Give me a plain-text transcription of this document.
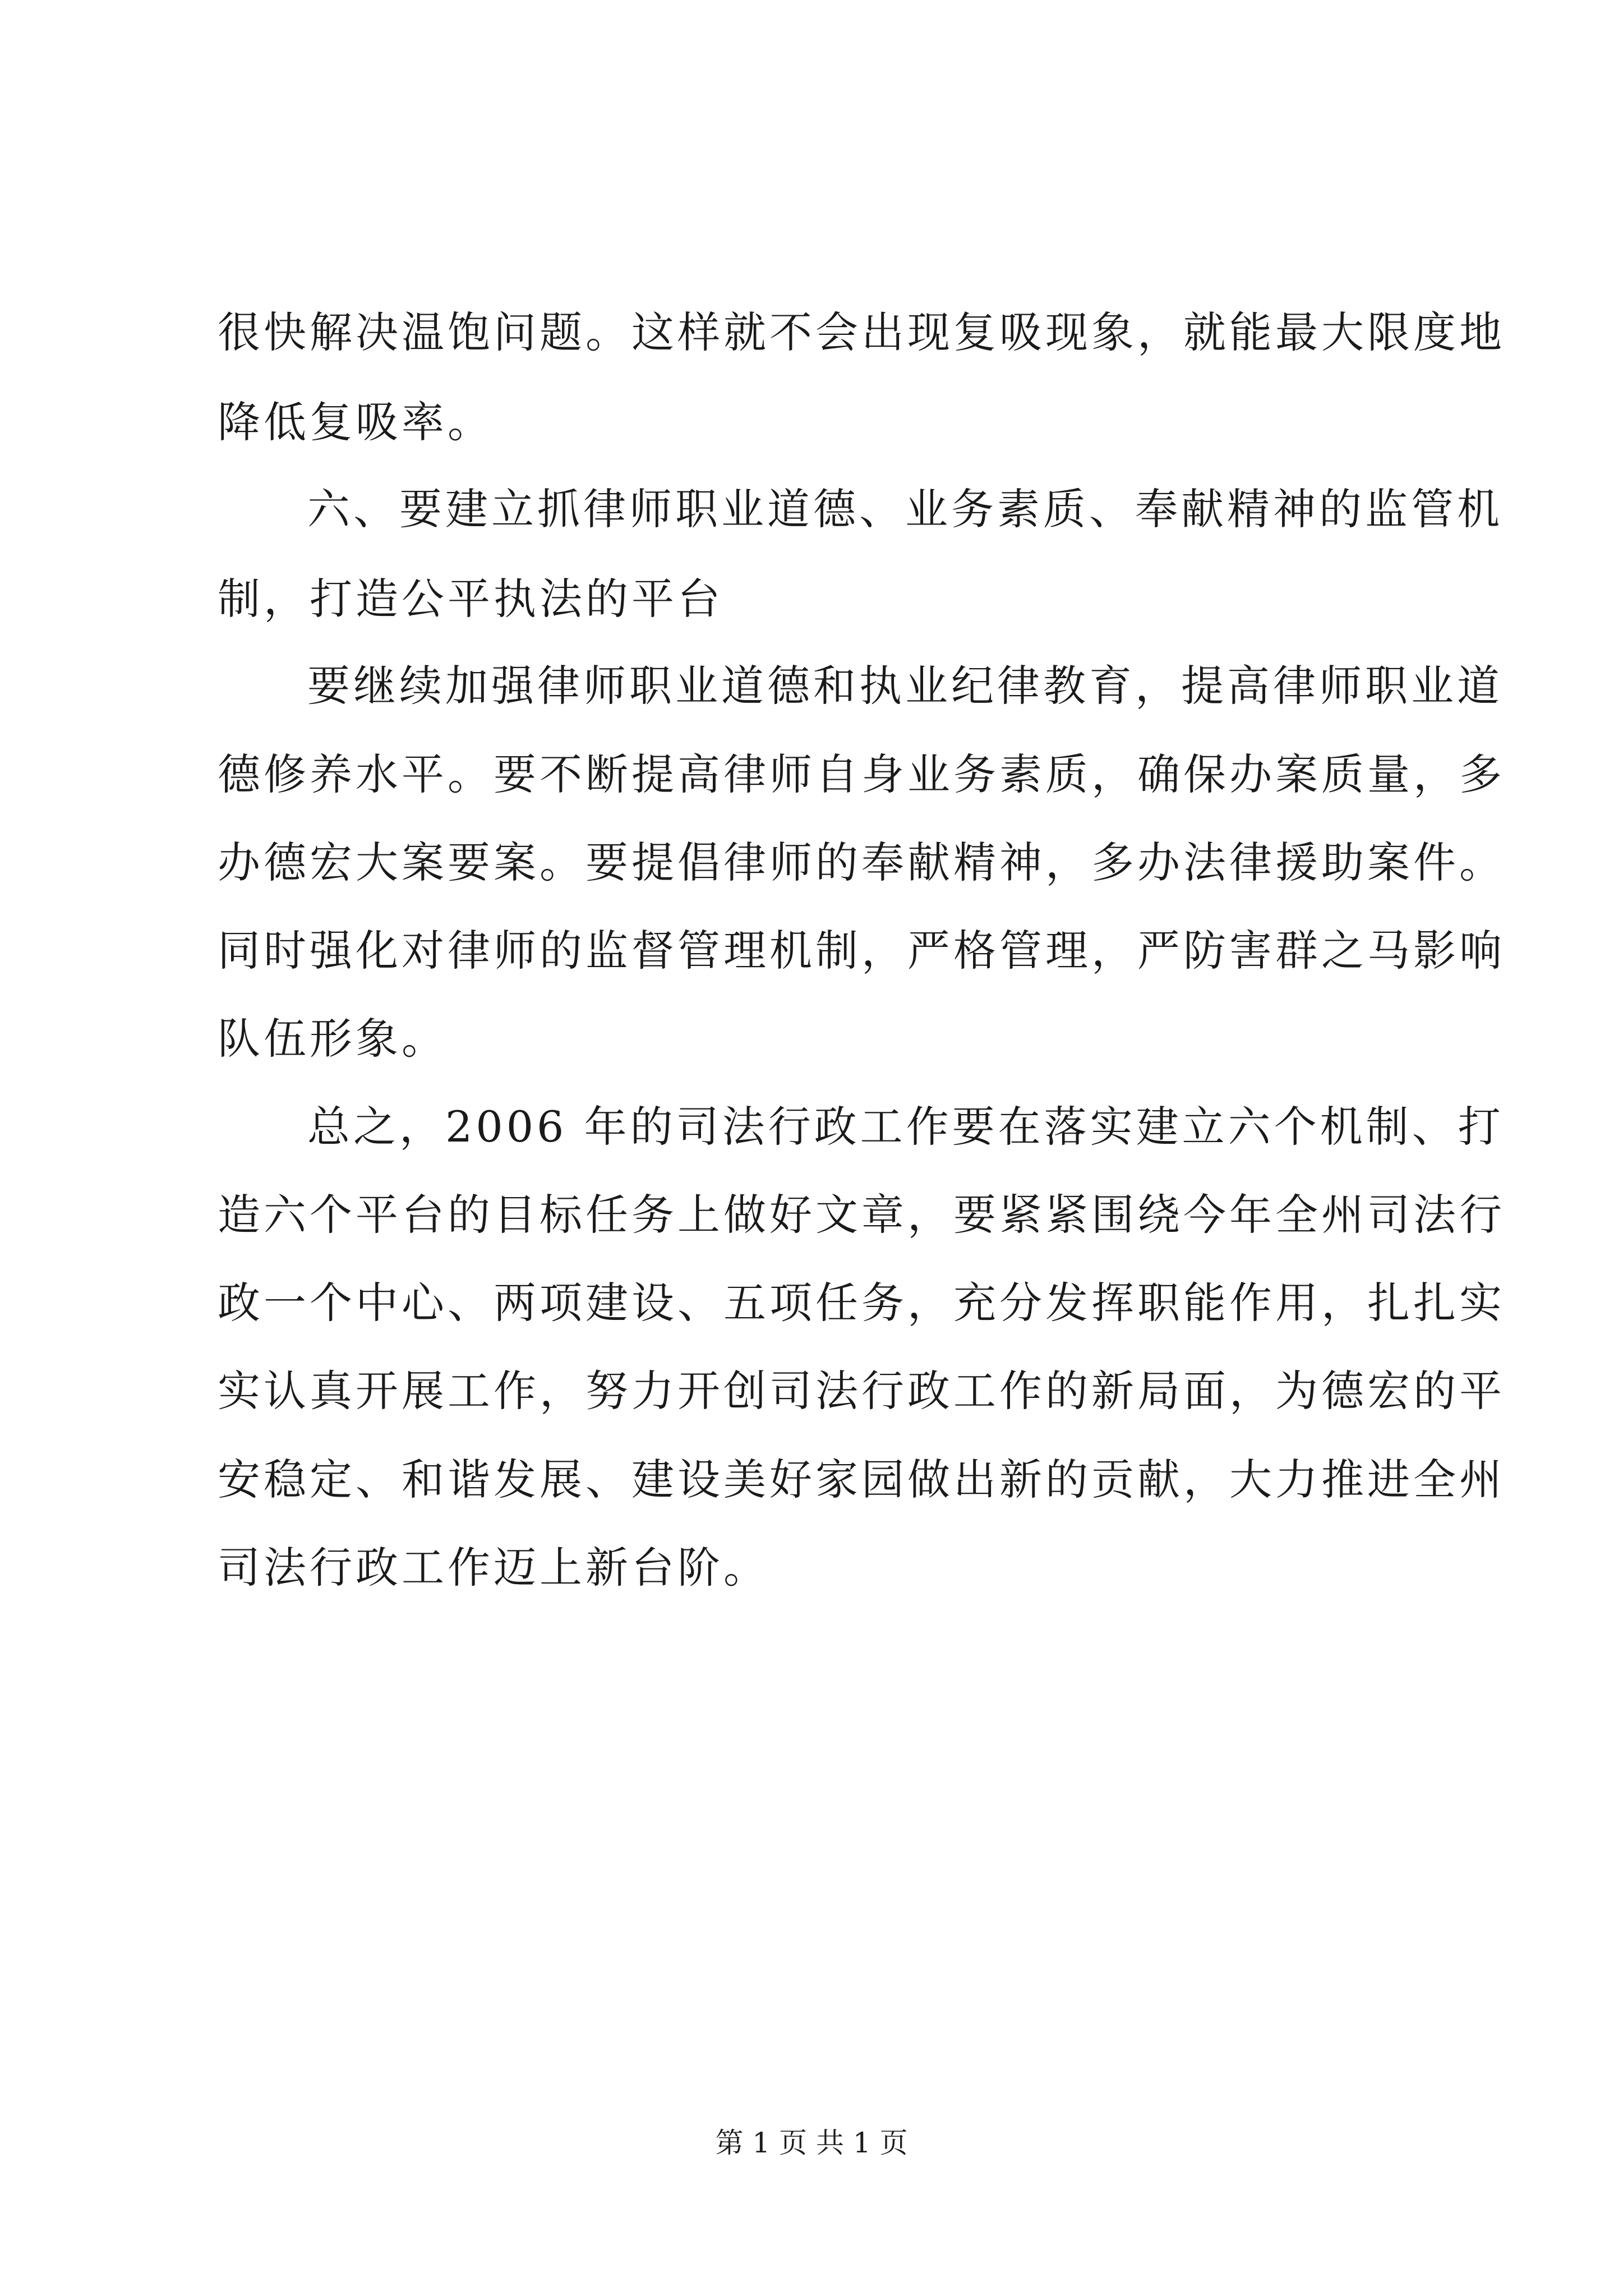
很快解决温饱问题。这样就不会出现复吸现象，就能最大限度地
降低复吸率。
六、要建立抓律师职业道德、业务素质、奉献精神的监管机
制，打造公平执法的平台
要继续加强律师职业道德和执业纪律教育，提高律师职业道
德修养水平。要不断提高律师自身业务素质，确保办案质量，多
办德宏大案要案。要提倡律师的奉献精神，多办法律援助案件。
同时强化对律师的监督管理机制，严格管理，严防害群之马影响
队伍形象。
总之，2006 年的司法行政工作要在落实建立六个机制、打
造六个平台的目标任务上做好文章，要紧紧围绕今年全州司法行
政一个中心、两项建设、五项任务，充分发挥职能作用，扎扎实
实认真开展工作，努力开创司法行政工作的新局面，为德宏的平
安稳定、和谐发展、建设美好家园做出新的贡献，大力推进全州
司法行政工作迈上新台阶。
第 1 页 共 1 页
